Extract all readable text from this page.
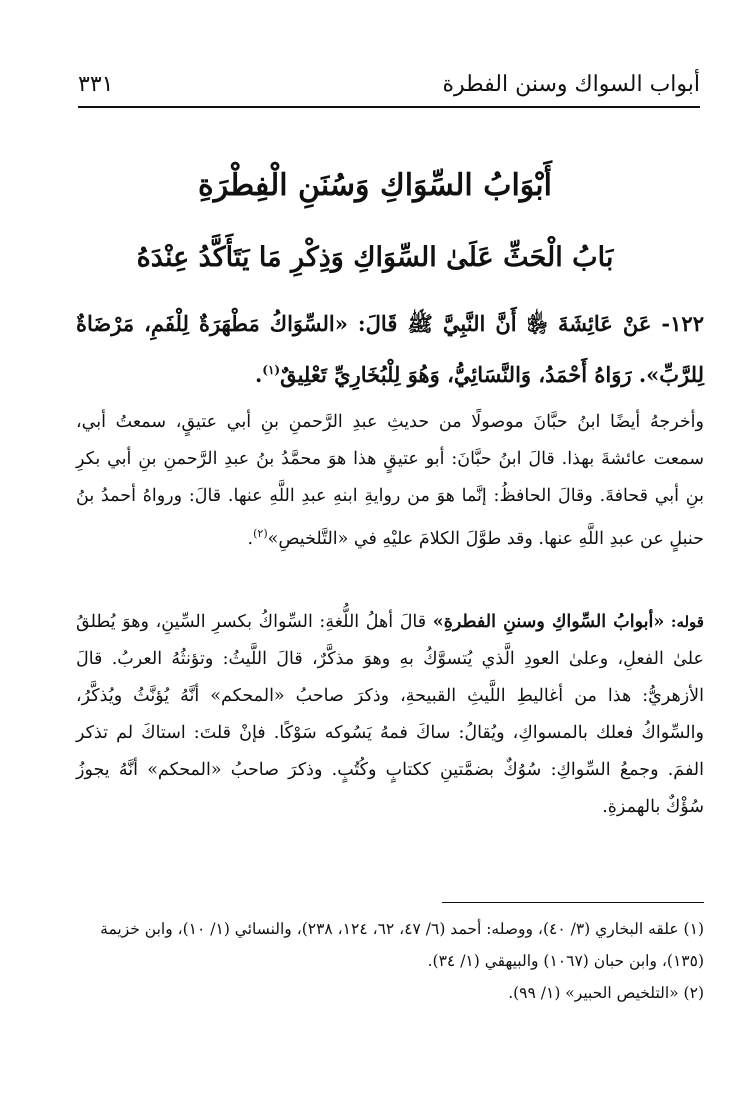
أبواب السواك وسنن الفطرة
٣٣١
أَبْوَابُ السِّوَاكِ وَسُنَنِ الْفِطْرَةِ
بَابُ الْحَثِّ عَلَىٰ السِّوَاكِ وَذِكْرِ مَا يَتَأَكَّدُ عِنْدَهُ
١٢٢- عَنْ عَائِشَةَ ﵂ أَنَّ النَّبِيَّ ﷺ قَالَ: «السِّوَاكُ مَطْهَرَةٌ لِلْفَمِ، مَرْضَاةٌ لِلرَّبِّ». رَوَاهُ أَحْمَدُ، وَالنَّسَائِيُّ، وَهُوَ لِلْبُخَارِيِّ تَعْلِيقٌ$^{(١)}$.
وأخرجهُ أيضًا ابنُ حبَّانَ موصولًا من حديثِ عبدِ الرَّحمنِ بنِ أبي عتيقٍ، سمعتُ أبي، سمعت عائشةَ بهذا. قالَ ابنُ حبَّانَ: أبو عتيقٍ هذا هوَ محمَّدُ بنُ عبدِ الرَّحمنِ بنِ أبي بكرِ بنِ أبي قحافةَ. وقالَ الحافظُ: إنَّما هوَ من روايةِ ابنهِ عبدِ اللَّهِ عنها. قالَ: ورواهُ أحمدُ بنُ حنبلٍ عن عبدِ اللَّهِ عنها. وقد طوَّلَ الكلامَ عليْهِ في «التَّلخيصِ»$^{(٢)}$.
قوله: «أبوابُ السِّواكِ وسننِ الفطرةِ» قالَ أهلُ اللُّغةِ: السِّواكُ بكسرِ السِّينِ، وهوَ يُطلقُ علىٰ الفعلِ، وعلىٰ العودِ الَّذي يُتسوَّكُ بهِ وهوَ مذكَّرٌ، قالَ اللَّيثُ: وتؤنثُهُ العربُ. قالَ الأزهريُّ: هذا من أغاليطِ اللَّيثِ القبيحةِ، وذكرَ صاحبُ «المحكم» أنَّهُ يُؤنَّثُ ويُذكَّرُ، والسِّواكُ فعلك بالمسواكِ، ويُقالُ: ساكَ فمهُ يَسُوكه سَوْكًا. فإنْ قلتَ: استاكَ لم تذكر الفمَ. وجمعُ السِّواكِ: سُوُكٌ بضمَّتينِ ككتابٍ وكُتُبٍ. وذكرَ صاحبُ «المحكم» أنَّهُ يجوزُ سُؤْكٌ بالهمزةِ.
(١) علقه البخاري (٣/ ٤٠)، ووصله: أحمد (٦/ ٤٧، ٦٢، ١٢٤، ٢٣٨)، والنسائي (١/ ١٠)، وابن خزيمة (١٣٥)، وابن حبان (١٠٦٧) والبيهقي (١/ ٣٤).
(٢) «التلخيص الحبير» (١/ ٩٩).
